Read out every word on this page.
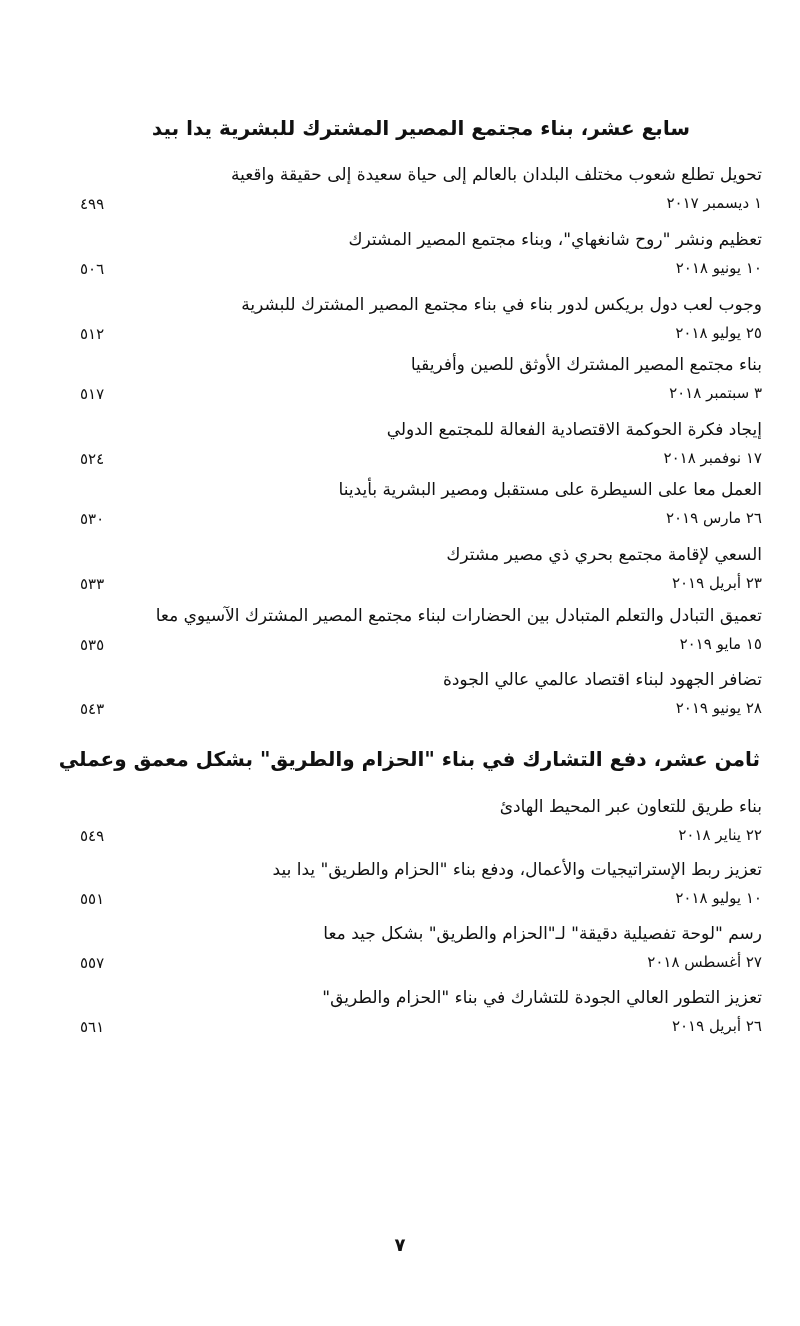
سابع عشر، بناء مجتمع المصير المشترك للبشرية يدا بيد
تحويل تطلع شعوب مختلف البلدان بالعالم إلى حياة سعيدة إلى حقيقة واقعية
١ ديسمبر ٢٠١٧
٤٩٩
تعظيم ونشر "روح شانغهاي"، وبناء مجتمع المصير المشترك
١٠ يونيو ٢٠١٨
٥٠٦
وجوب لعب دول بريكس لدور بناء في بناء مجتمع المصير المشترك للبشرية
٢٥ يوليو ٢٠١٨
٥١٢
بناء مجتمع المصير المشترك الأوثق للصين وأفريقيا
٣ سبتمبر ٢٠١٨
٥١٧
إيجاد فكرة الحوكمة الاقتصادية الفعالة للمجتمع الدولي
١٧ نوفمبر ٢٠١٨
٥٢٤
العمل معا على السيطرة على مستقبل ومصير البشرية بأيدينا
٢٦ مارس ٢٠١٩
٥٣٠
السعي لإقامة مجتمع بحري ذي مصير مشترك
٢٣ أبريل ٢٠١٩
٥٣٣
تعميق التبادل والتعلم المتبادل بين الحضارات لبناء مجتمع المصير المشترك الآسيوي معا
١٥ مايو ٢٠١٩
٥٣٥
تضافر الجهود لبناء اقتصاد عالمي عالي الجودة
٢٨ يونيو ٢٠١٩
٥٤٣
ثامن عشر، دفع التشارك في بناء "الحزام والطريق" بشكل معمق وعملي
بناء طريق للتعاون عبر المحيط الهادئ
٢٢ يناير ٢٠١٨
٥٤٩
تعزيز ربط الإستراتيجيات والأعمال، ودفع بناء "الحزام والطريق" يدا بيد
١٠ يوليو ٢٠١٨
٥٥١
رسم "لوحة تفصيلية دقيقة" لـ"الحزام والطريق" بشكل جيد معا
٢٧ أغسطس ٢٠١٨
٥٥٧
تعزيز التطور العالي الجودة للتشارك في بناء "الحزام والطريق"
٢٦ أبريل ٢٠١٩
٥٦١
٧
